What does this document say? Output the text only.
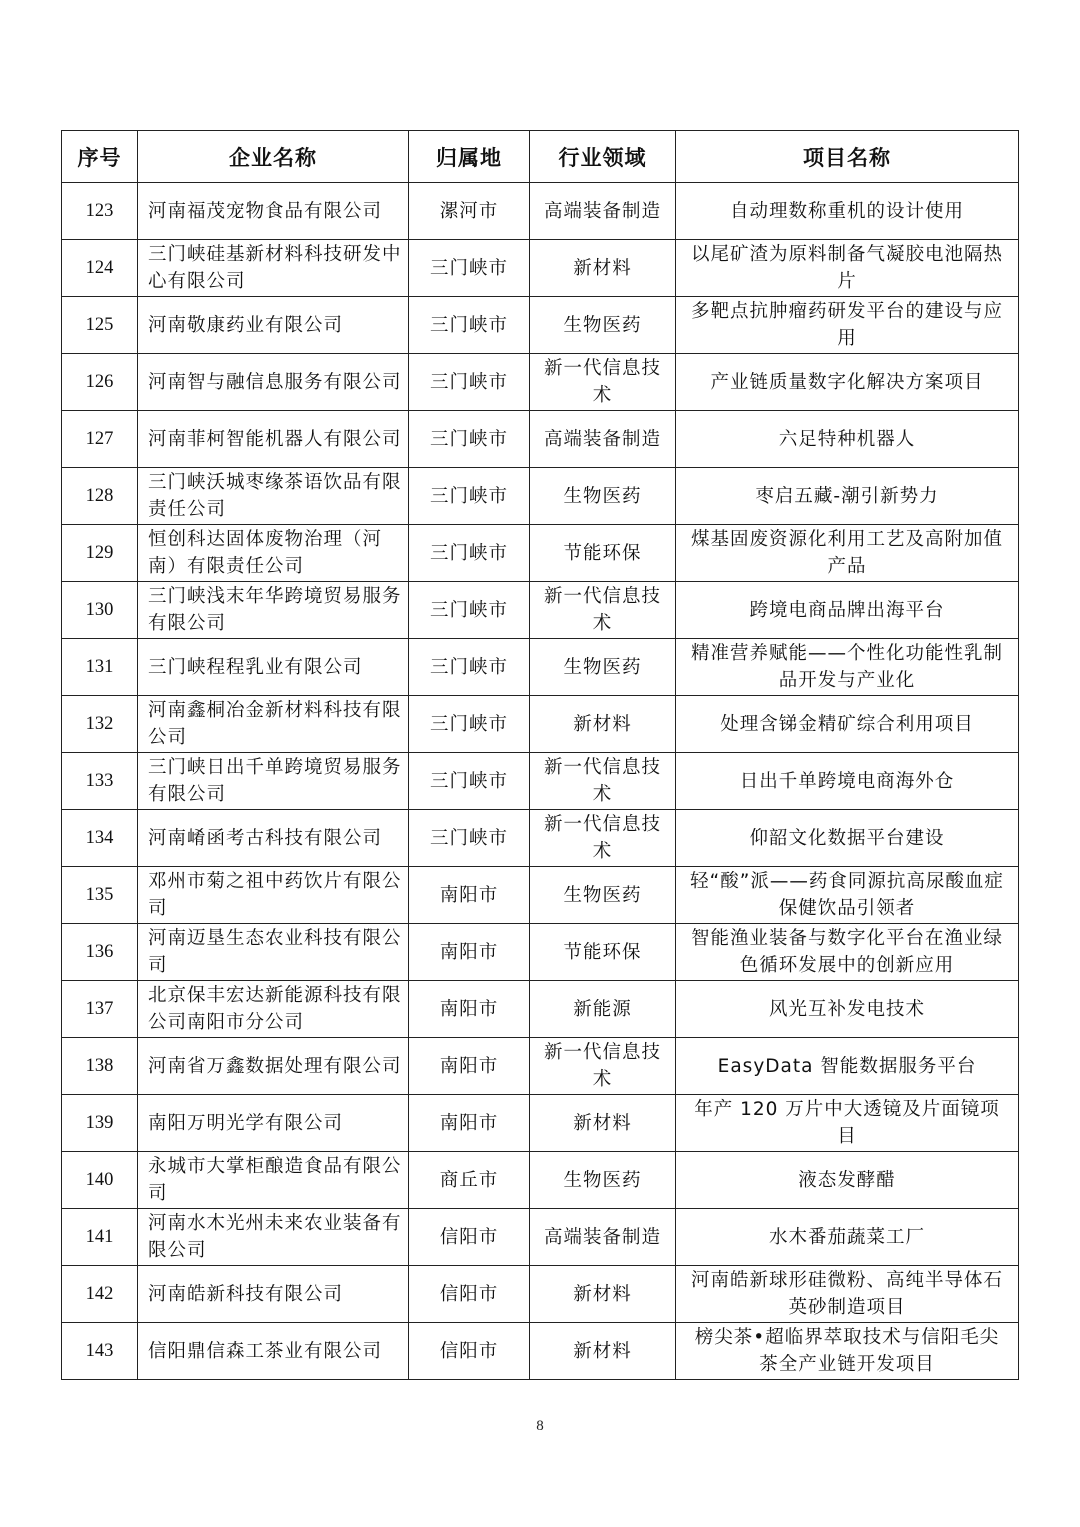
序号	企业名称	归属地	行业领域	项目名称
123	河南福茂宠物食品有限公司	漯河市	高端装备制造	自动理数称重机的设计使用
124	三门峡硅基新材料科技研发中心有限公司	三门峡市	新材料	以尾矿渣为原料制备气凝胶电池隔热片
125	河南敬康药业有限公司	三门峡市	生物医药	多靶点抗肿瘤药研发平台的建设与应用
126	河南智与融信息服务有限公司	三门峡市	新一代信息技术	产业链质量数字化解决方案项目
127	河南菲柯智能机器人有限公司	三门峡市	高端装备制造	六足特种机器人
128	三门峡沃城枣缘茶语饮品有限责任公司	三门峡市	生物医药	枣启五藏-潮引新势力
129	恒创科达固体废物治理（河南）有限责任公司	三门峡市	节能环保	煤基固废资源化利用工艺及高附加值产品
130	三门峡浅末年华跨境贸易服务有限公司	三门峡市	新一代信息技术	跨境电商品牌出海平台
131	三门峡程程乳业有限公司	三门峡市	生物医药	精准营养赋能——个性化功能性乳制品开发与产业化
132	河南鑫桐冶金新材料科技有限公司	三门峡市	新材料	处理含锑金精矿综合利用项目
133	三门峡日出千单跨境贸易服务有限公司	三门峡市	新一代信息技术	日出千单跨境电商海外仓
134	河南崤函考古科技有限公司	三门峡市	新一代信息技术	仰韶文化数据平台建设
135	邓州市菊之祖中药饮片有限公司	南阳市	生物医药	轻“酸”派——药食同源抗高尿酸血症保健饮品引领者
136	河南迈垦生态农业科技有限公司	南阳市	节能环保	智能渔业装备与数字化平台在渔业绿色循环发展中的创新应用
137	北京保丰宏达新能源科技有限公司南阳市分公司	南阳市	新能源	风光互补发电技术
138	河南省万鑫数据处理有限公司	南阳市	新一代信息技术	EasyData 智能数据服务平台
139	南阳万明光学有限公司	南阳市	新材料	年产 120 万片中大透镜及片面镜项目
140	永城市大掌柜酿造食品有限公司	商丘市	生物医药	液态发酵醋
141	河南水木光州未来农业装备有限公司	信阳市	高端装备制造	水木番茄蔬菜工厂
142	河南皓新科技有限公司	信阳市	新材料	河南皓新球形硅微粉、高纯半导体石英砂制造项目
143	信阳鼎信森工茶业有限公司	信阳市	新材料	榜尖茶•超临界萃取技术与信阳毛尖茶全产业链开发项目
8
